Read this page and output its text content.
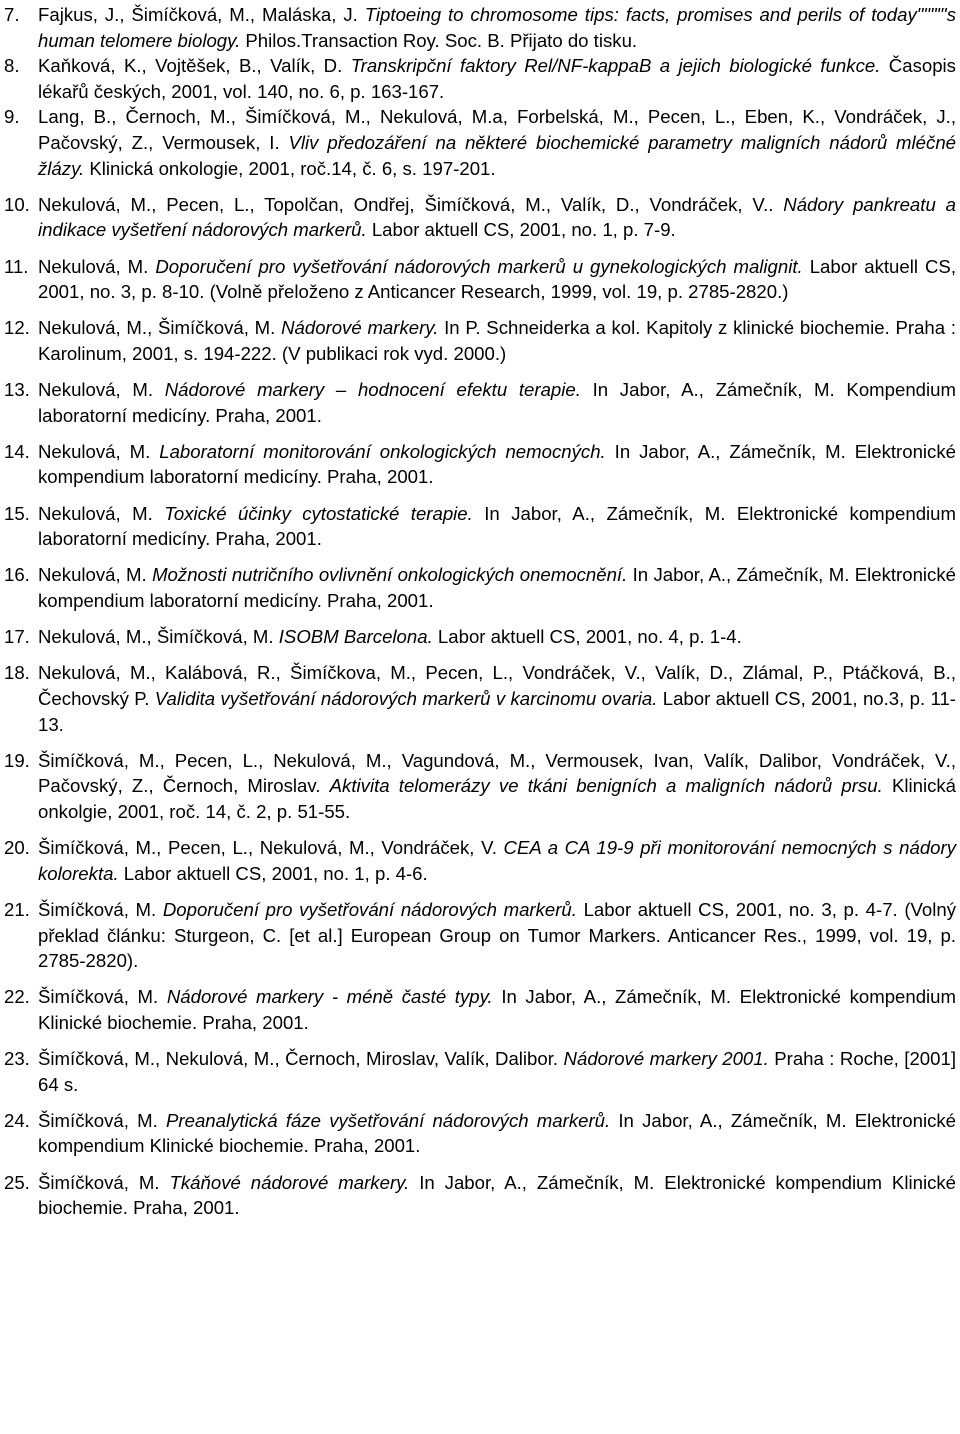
7. Fajkus, J., Šimíčková, M., Maláska, J. Tiptoeing to chromosome tips: facts, promises and perils of today""""'s human telomere biology. Philos.Transaction Roy. Soc. B. Přijato do tisku.

8. Kaňková, K., Vojtěšek, B., Valík, D. Transkripční faktory Rel/NF-kappaB a jejich biologické funkce. Časopis lékařů českých, 2001, vol. 140, no. 6, p. 163-167.

9. Lang, B., Černoch, M., Šimíčková, M., Nekulová, M.a, Forbelská, M., Pecen, L., Eben, K., Vondráček, J., Pačovský, Z., Vermousek, I. Vliv předozáření na některé biochemické parametry maligních nádorů mléčné žlázy. Klinická onkologie, 2001, roč.14, č. 6, s. 197-201.

10. Nekulová, M., Pecen, L., Topolčan, Ondřej, Šimíčková, M., Valík, D., Vondráček, V.. Nádory pankreatu a indikace vyšetření nádorových markerů. Labor aktuell CS, 2001, no. 1, p. 7-9.

11. Nekulová, M. Doporučení pro vyšetřování nádorových markerů u gynekologických malignit. Labor aktuell CS, 2001, no. 3, p. 8-10. (Volně přeloženo z Anticancer Research, 1999, vol. 19, p. 2785-2820.)

12. Nekulová, M., Šimíčková, M. Nádorové markery. In P. Schneiderka a kol. Kapitoly z klinické biochemie. Praha : Karolinum, 2001, s. 194-222. (V publikaci rok vyd. 2000.)

13. Nekulová, M. Nádorové markery – hodnocení efektu terapie. In Jabor, A., Zámečník, M. Kompendium laboratorní medicíny. Praha, 2001.

14. Nekulová, M. Laboratorní monitorování onkologických nemocných. In Jabor, A., Zámečník, M. Elektronické kompendium laboratorní medicíny. Praha, 2001.

15. Nekulová, M. Toxické účinky cytostatické terapie. In Jabor, A., Zámečník, M. Elektronické kompendium laboratorní medicíny. Praha, 2001.

16. Nekulová, M. Možnosti nutričního ovlivnění onkologických onemocnění. In Jabor, A., Zámečník, M. Elektronické kompendium laboratorní medicíny. Praha, 2001.

17. Nekulová, M., Šimíčková, M. ISOBM Barcelona. Labor aktuell CS, 2001, no. 4, p. 1-4.

18. Nekulová, M., Kalábová, R., Šimíčkova, M., Pecen, L., Vondráček, V., Valík, D., Zlámal, P., Ptáčková, B., Čechovský P. Validita vyšetřování nádorových markerů v karcinomu ovaria. Labor aktuell CS, 2001, no.3, p. 11-13.

19. Šimíčková, M., Pecen, L., Nekulová, M., Vagundová, M., Vermousek, Ivan, Valík, Dalibor, Vondráček, V., Pačovský, Z., Černoch, Miroslav. Aktivita telomerázy ve tkáni benigních a maligních nádorů prsu. Klinická onkolgie, 2001, roč. 14, č. 2, p. 51-55.

20. Šimíčková, M., Pecen, L., Nekulová, M., Vondráček, V. CEA a CA 19-9 při monitorování nemocných s nádory kolorekta. Labor aktuell CS, 2001, no. 1, p. 4-6.

21. Šimíčková, M. Doporučení pro vyšetřování nádorových markerů. Labor aktuell CS, 2001, no. 3, p. 4-7. (Volný překlad článku: Sturgeon, C. [et al.] European Group on Tumor Markers. Anticancer Res., 1999, vol. 19, p. 2785-2820).

22. Šimíčková, M. Nádorové markery - méně časté typy. In Jabor, A., Zámečník, M. Elektronické kompendium Klinické biochemie. Praha, 2001.

23. Šimíčková, M., Nekulová, M., Černoch, Miroslav, Valík, Dalibor. Nádorové markery 2001. Praha : Roche, [2001] 64 s.

24. Šimíčková, M. Preanalytická fáze vyšetřování nádorových markerů. In Jabor, A., Zámečník, M. Elektronické kompendium Klinické biochemie. Praha, 2001.

25. Šimíčková, M. Tkáňové nádorové markery. In Jabor, A., Zámečník, M. Elektronické kompendium Klinické biochemie. Praha, 2001.
